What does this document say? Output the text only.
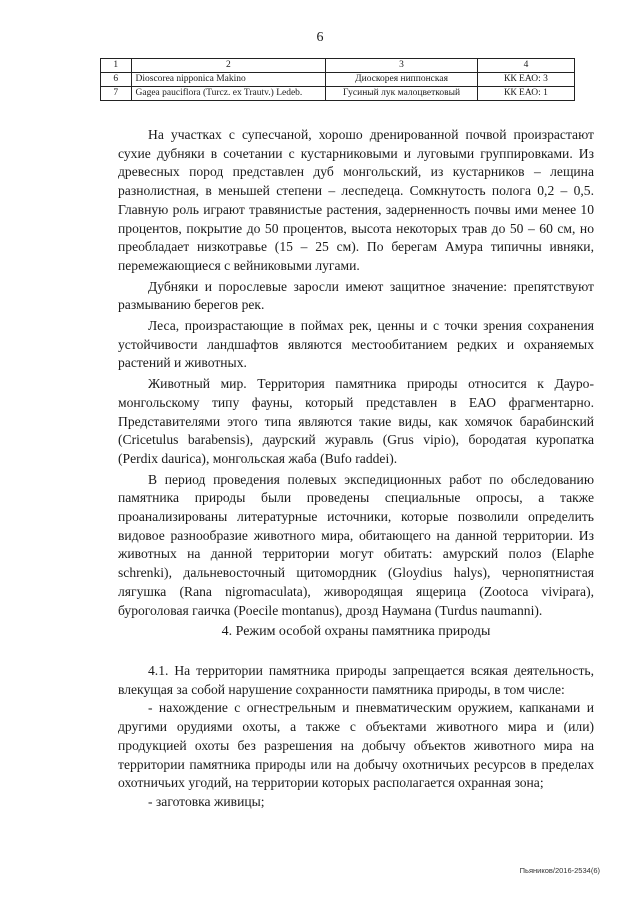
6
1	2	3	4
6	Dioscorea nipponica Makino	Диоскорея ниппонская	КК ЕАО: 3
7	Gagea pauciflora (Turcz. ex Trautv.) Ledeb.	Гусиный лук малоцветковый	КК ЕАО: 1

На участках с супесчаной, хорошо дренированной почвой произрастают сухие дубняки в сочетании с кустарниковыми и луговыми группировками. Из древесных пород представлен дуб монгольский, из кустарников – лещина разнолистная, в меньшей степени – леспедеца. Сомкнутость полога 0,2 – 0,5. Главную роль играют травянистые растения, задерненность почвы ими менее 10 процентов, покрытие до 50 процентов, высота некоторых трав до 50 – 60 см, но преобладает низкотравье (15 – 25 см). По берегам Амура типичны ивняки, перемежающиеся с вейниковыми лугами.

Дубняки и порослевые заросли имеют защитное значение: препятствуют размыванию берегов рек.

Леса, произрастающие в поймах рек, ценны и с точки зрения сохранения устойчивости ландшафтов являются местообитанием редких и охраняемых растений и животных.

Животный мир. Территория памятника природы относится к Дауро-монгольскому типу фауны, который представлен в ЕАО фрагментарно. Представителями этого типа являются такие виды, как хомячок барабинский (Cricetulus barabensis), даурский журавль (Grus vipio), бородатая куропатка (Perdix daurica), монгольская жаба (Bufo raddei).

В период проведения полевых экспедиционных работ по обследованию памятника природы были проведены специальные опросы, а также проанализированы литературные источники, которые позволили определить видовое разнообразие животного мира, обитающего на данной территории. Из животных на данной территории могут обитать: амурский полоз (Elaphe schrenki), дальневосточный щитомордник (Gloydius halys), чернопятнистая лягушка (Rana nigromaculata), живородящая ящерица (Zootoca vivipara), буроголовая гаичка (Poecile montanus), дрозд Наумана (Turdus naumanni).

4. Режим особой охраны памятника природы

4.1. На территории памятника природы запрещается всякая деятельность, влекущая за собой нарушение сохранности памятника природы, в том числе:

- нахождение с огнестрельным и пневматическим оружием, капканами и другими орудиями охоты, а также с объектами животного мира и (или) продукцией охоты без разрешения на добычу объектов животного мира на территории памятника природы или на добычу охотничьих ресурсов в пределах охотничьих угодий, на территории которых располагается охранная зона;

- заготовка живицы;

Пьяников/2016-2534(6)
